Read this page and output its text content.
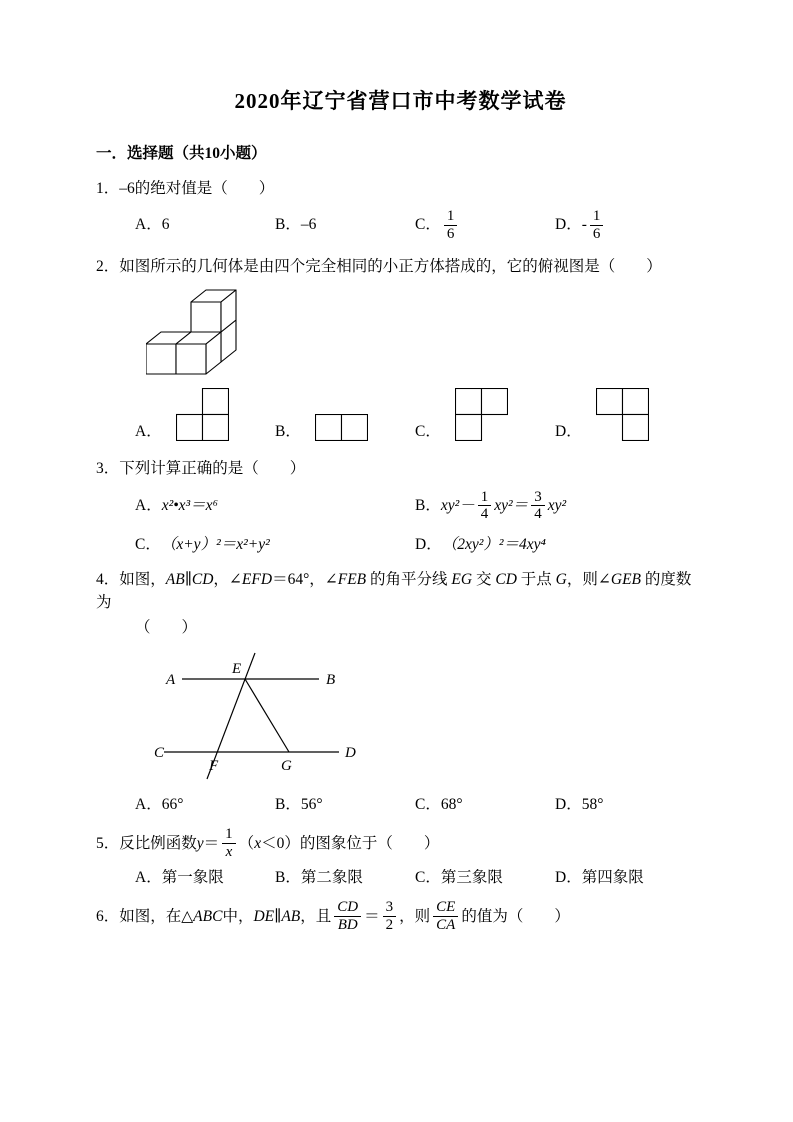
2020年辽宁省营口市中考数学试卷
一．选择题（共10小题）
1．–6的绝对值是（　　）
A．6	B．–6	C． $\frac{1}{6}$	D． - $\frac{1}{6}$
2．如图所示的几何体是由四个完全相同的小正方体搭成的，它的俯视图是（　　）
A．	B．	C．	D．
3．下列计算正确的是（　　）
A． x²•x³＝x⁶	B． $xy^2- \frac{1}{4} xy^2= \frac{3}{4} xy^2$
C． （x+y）²＝x²+y²	D． （2xy²）²＝4xy⁴
4．如图，AB∥CD，∠EFD＝64°，∠FEB 的角平分线 EG 交 CD 于点 G，则∠GEB 的度数
为
（　　）
A
E
B
C
F	G
D
A．66°	B．56°	C．68°	D．58°
5．反比例函数 $y = \frac{1}{x}$ （ x ＜0）的图象位于（　　）
A．第一象限	B．第二象限	C．第三象限	D．第四象限
6．如图，在△ ABC 中， DE ∥ AB ，且 $\frac{CD}{BD} = \frac{3}{2}$ ，则 $\frac{CE}{CA}$ 的值为（　　）
